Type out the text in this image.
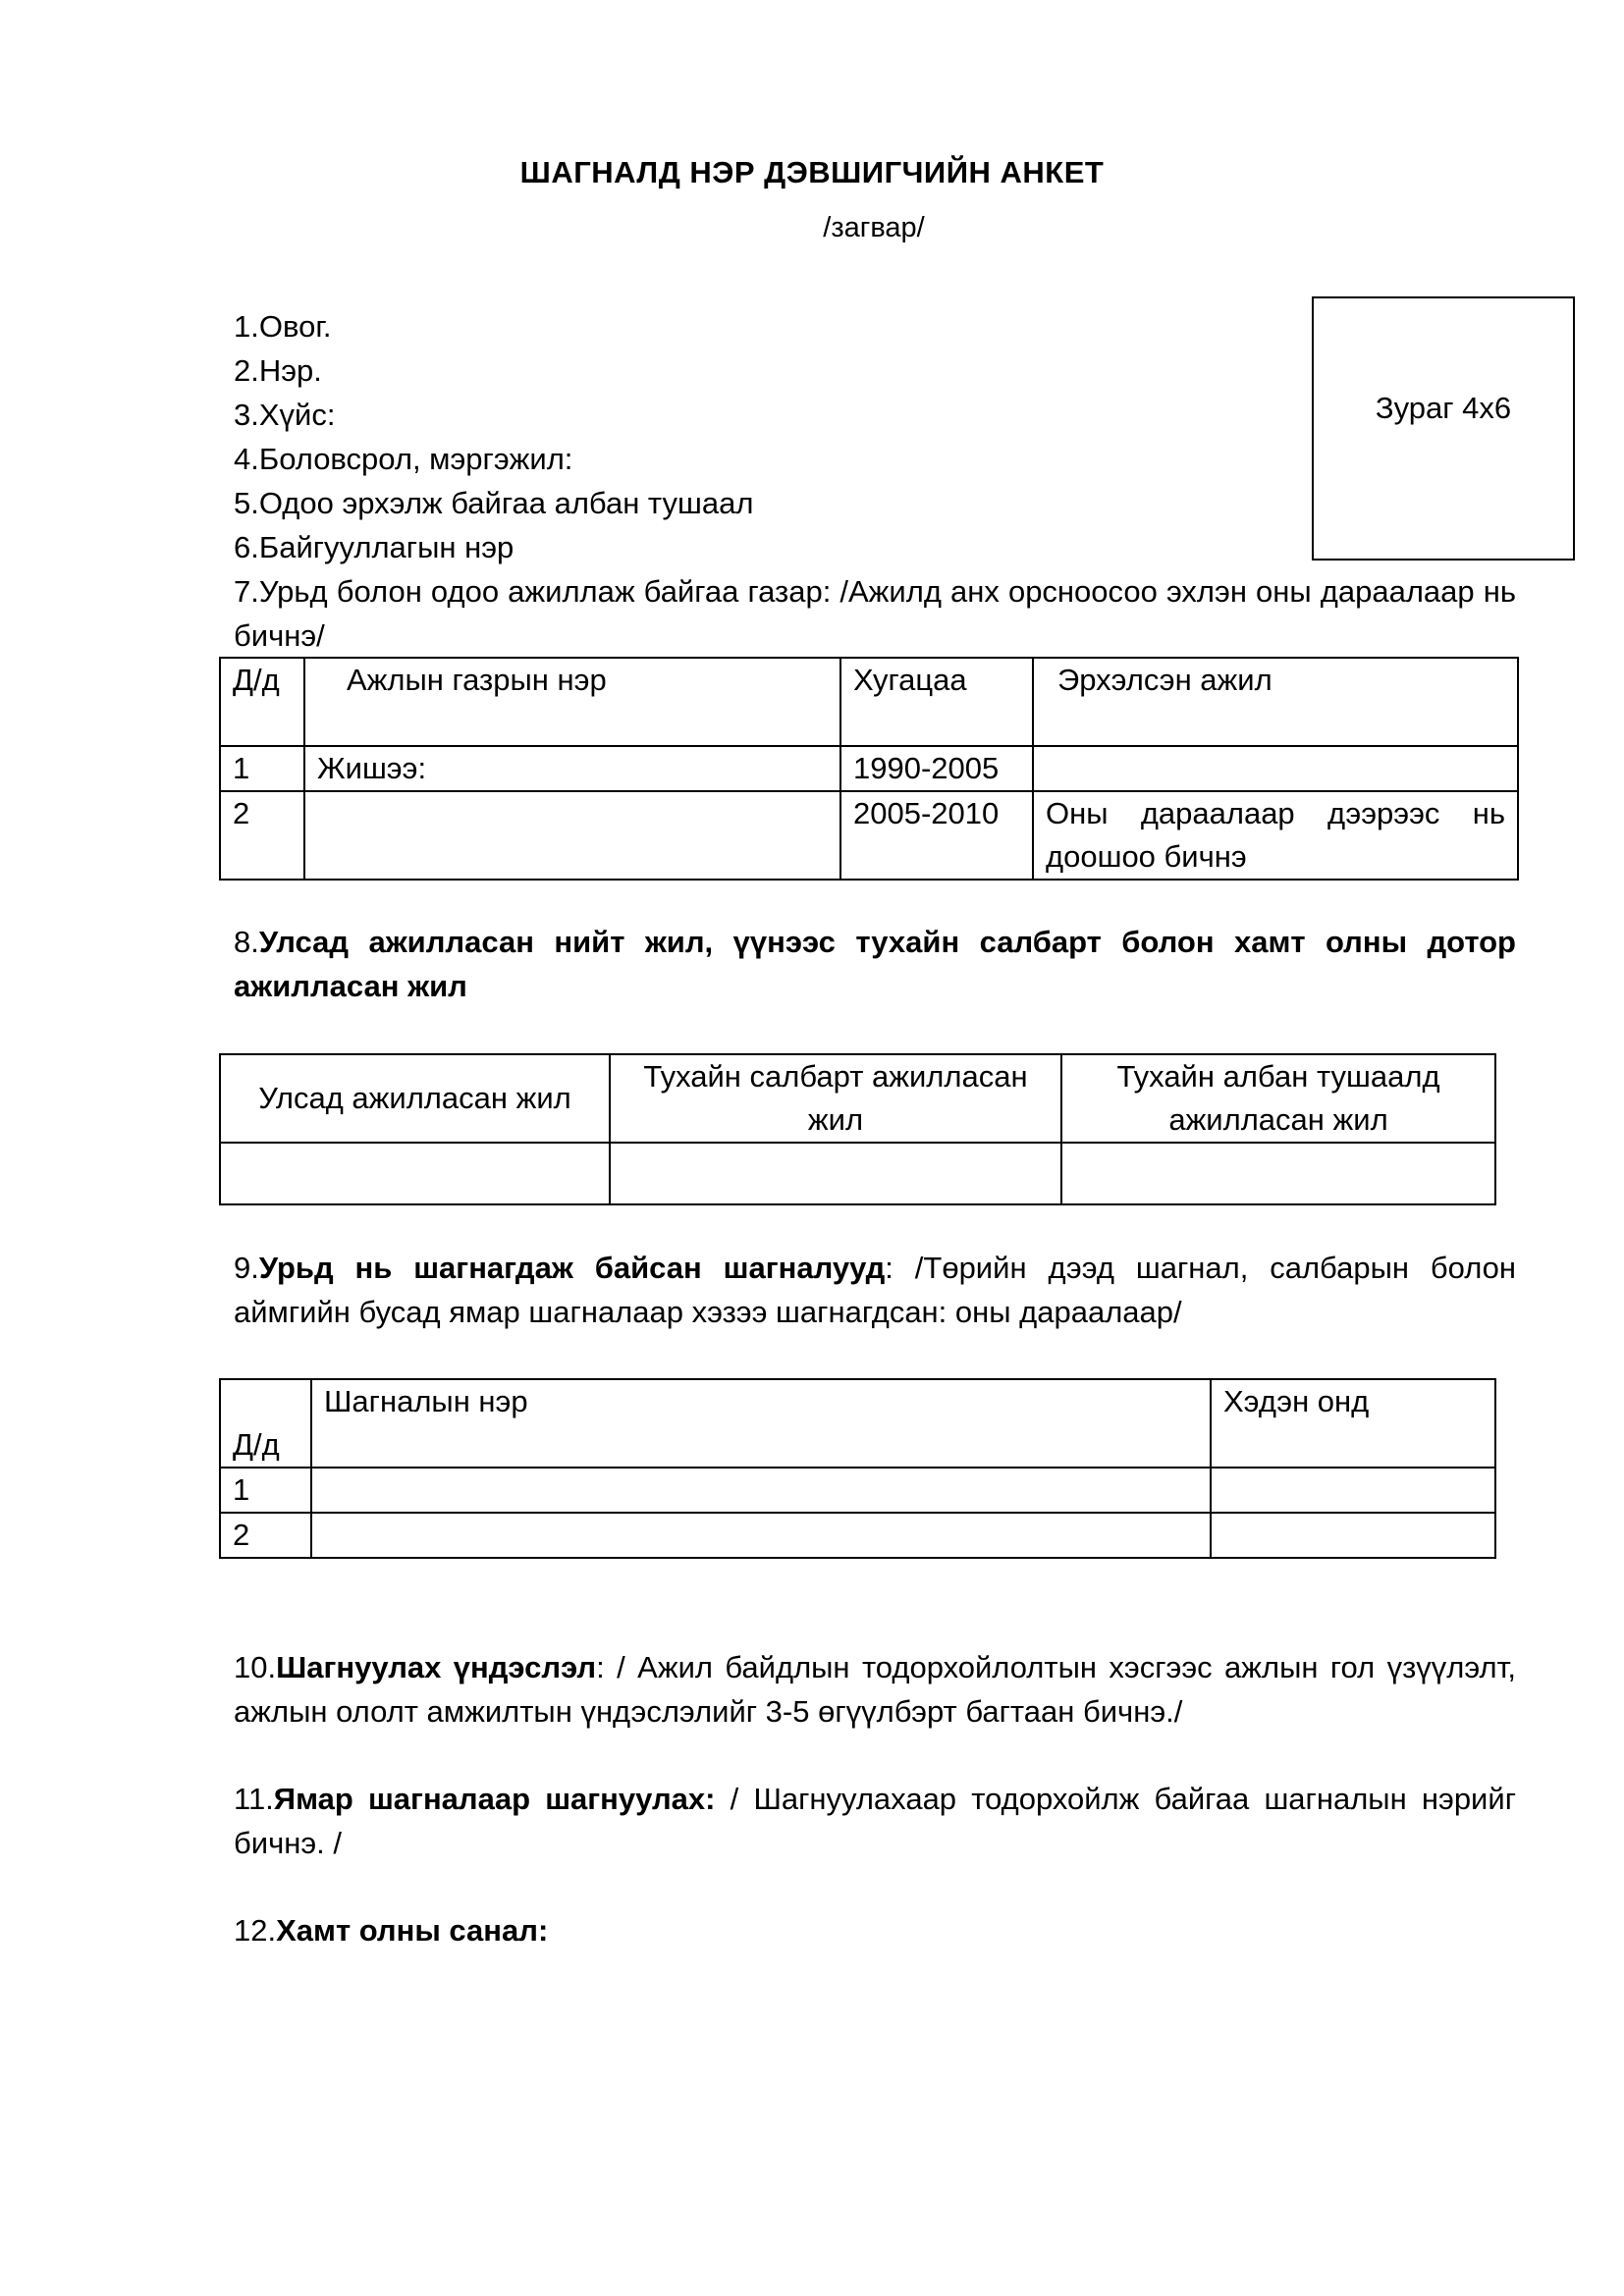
ШАГНАЛД НЭР ДЭВШИГЧИЙН АНКЕТ
/загвар/
Зураг 4х6
1.Овог.
2.Нэр.
3.Хүйс:
4.Боловсрол, мэргэжил:
5.Одоо эрхэлж байгаа албан тушаал
6.Байгууллагын нэр
7.Урьд болон одоо ажиллаж байгаа газар: /Ажилд анх орсноосоо эхлэн оны дараалаар нь бичнэ/
Д/д	Ажлын газрын нэр	Хугацаа	Эрхэлсэн ажил
1	Жишээ:	1990-2005	
2		2005-2010	Оны дараалаар дээрээс нь доошоо бичнэ
8.Улсад ажилласан нийт жил, үүнээс тухайн салбарт болон хамт олны дотор ажилласан жил
Улсад ажилласан жил	Тухайн салбарт ажилласан жил	Тухайн албан тушаалд ажилласан жил

9.Урьд нь шагнагдаж байсан шагналууд: /Төрийн дээд шагнал, салбарын болон аймгийн бусад ямар шагналаар хэзээ шагнагдсан: оны дараалаар/
Д/д	Шагналын нэр	Хэдэн онд
1		
2		
10.Шагнуулах үндэслэл: / Ажил байдлын тодорхойлолтын хэсгээс ажлын гол үзүүлэлт, ажлын ололт амжилтын үндэслэлийг 3-5 өгүүлбэрт багтаан бичнэ./
11.Ямар шагналаар шагнуулах: / Шагнуулахаар тодорхойлж байгаа шагналын нэрийг бичнэ. /
12.Хамт олны санал:
